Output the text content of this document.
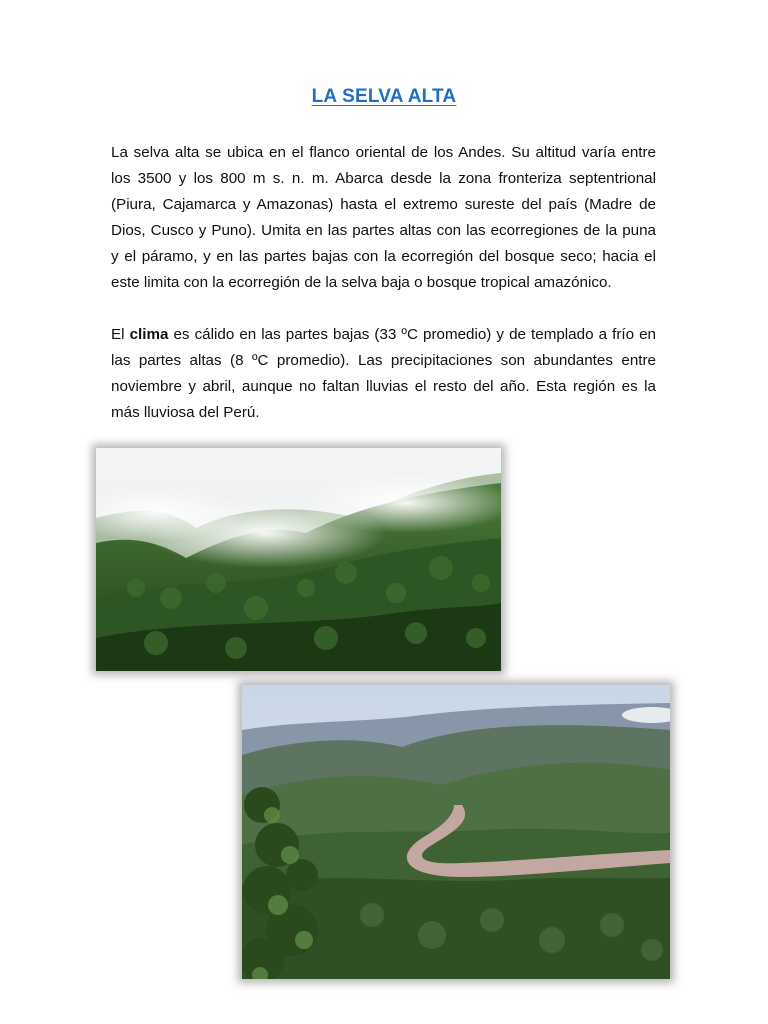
LA SELVA ALTA

La selva alta se ubica en el flanco oriental de los Andes. Su altitud varía entre los 3500 y los 800 m s. n. m. Abarca desde la zona fronteriza septentrional (Piura, Cajamarca y Amazonas) hasta el extremo sureste del país (Madre de Dios, Cusco y Puno). Umita en las partes altas con las ecorregiones de la puna y el páramo, y en las partes bajas con la ecorregión del bosque seco; hacia el este limita con la ecorregión de la selva baja o bosque tropical amazónico.

El clima es cálido en las partes bajas (33 ºC promedio) y de templado a frío en las partes altas (8 ºC promedio). Las precipitaciones son abundantes entre noviembre y abril, aunque no faltan lluvias el resto del año. Esta región es la más lluviosa del Perú.
